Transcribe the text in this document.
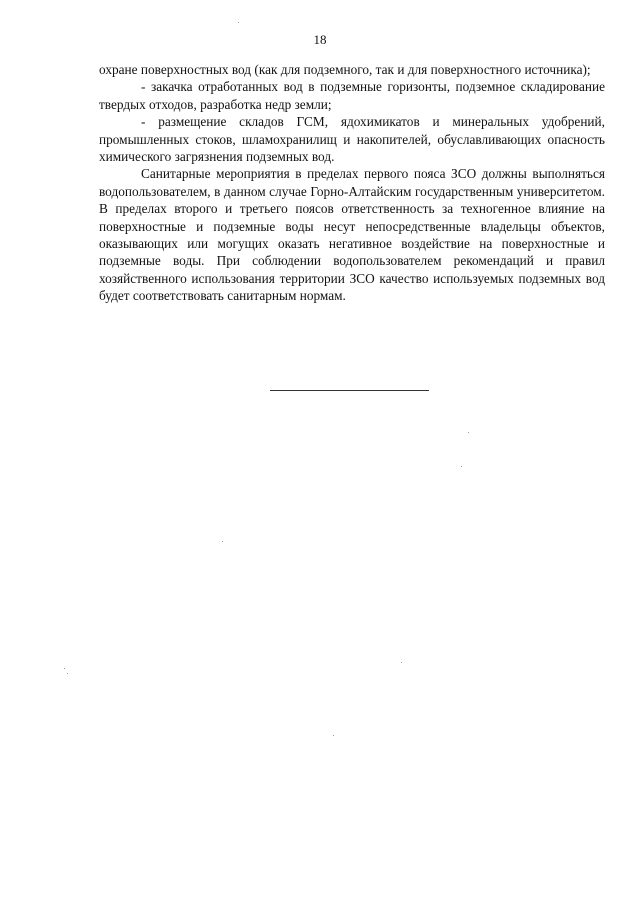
18

охране поверхностных вод (как для подземного, так и для поверхностного источника);

- закачка отработанных вод в подземные горизонты, подземное складирование твердых отходов, разработка недр земли;

- размещение складов ГСМ, ядохимикатов и минеральных удобрений, промышленных стоков, шламохранилищ и накопителей, обуславливающих опасность химического загрязнения подземных вод.

Санитарные мероприятия в пределах первого пояса ЗСО должны выполняться водопользователем, в данном случае Горно-Алтайским государственным университетом. В пределах второго и третьего поясов ответственность за техногенное влияние на поверхностные и подземные воды несут непосредственные владельцы объектов, оказывающих или могущих оказать негативное воздействие на поверхностные и подземные воды. При соблюдении водопользователем рекомендаций и правил хозяйственного использования территории ЗСО качество используемых подземных вод будет соответствовать санитарным нормам.
